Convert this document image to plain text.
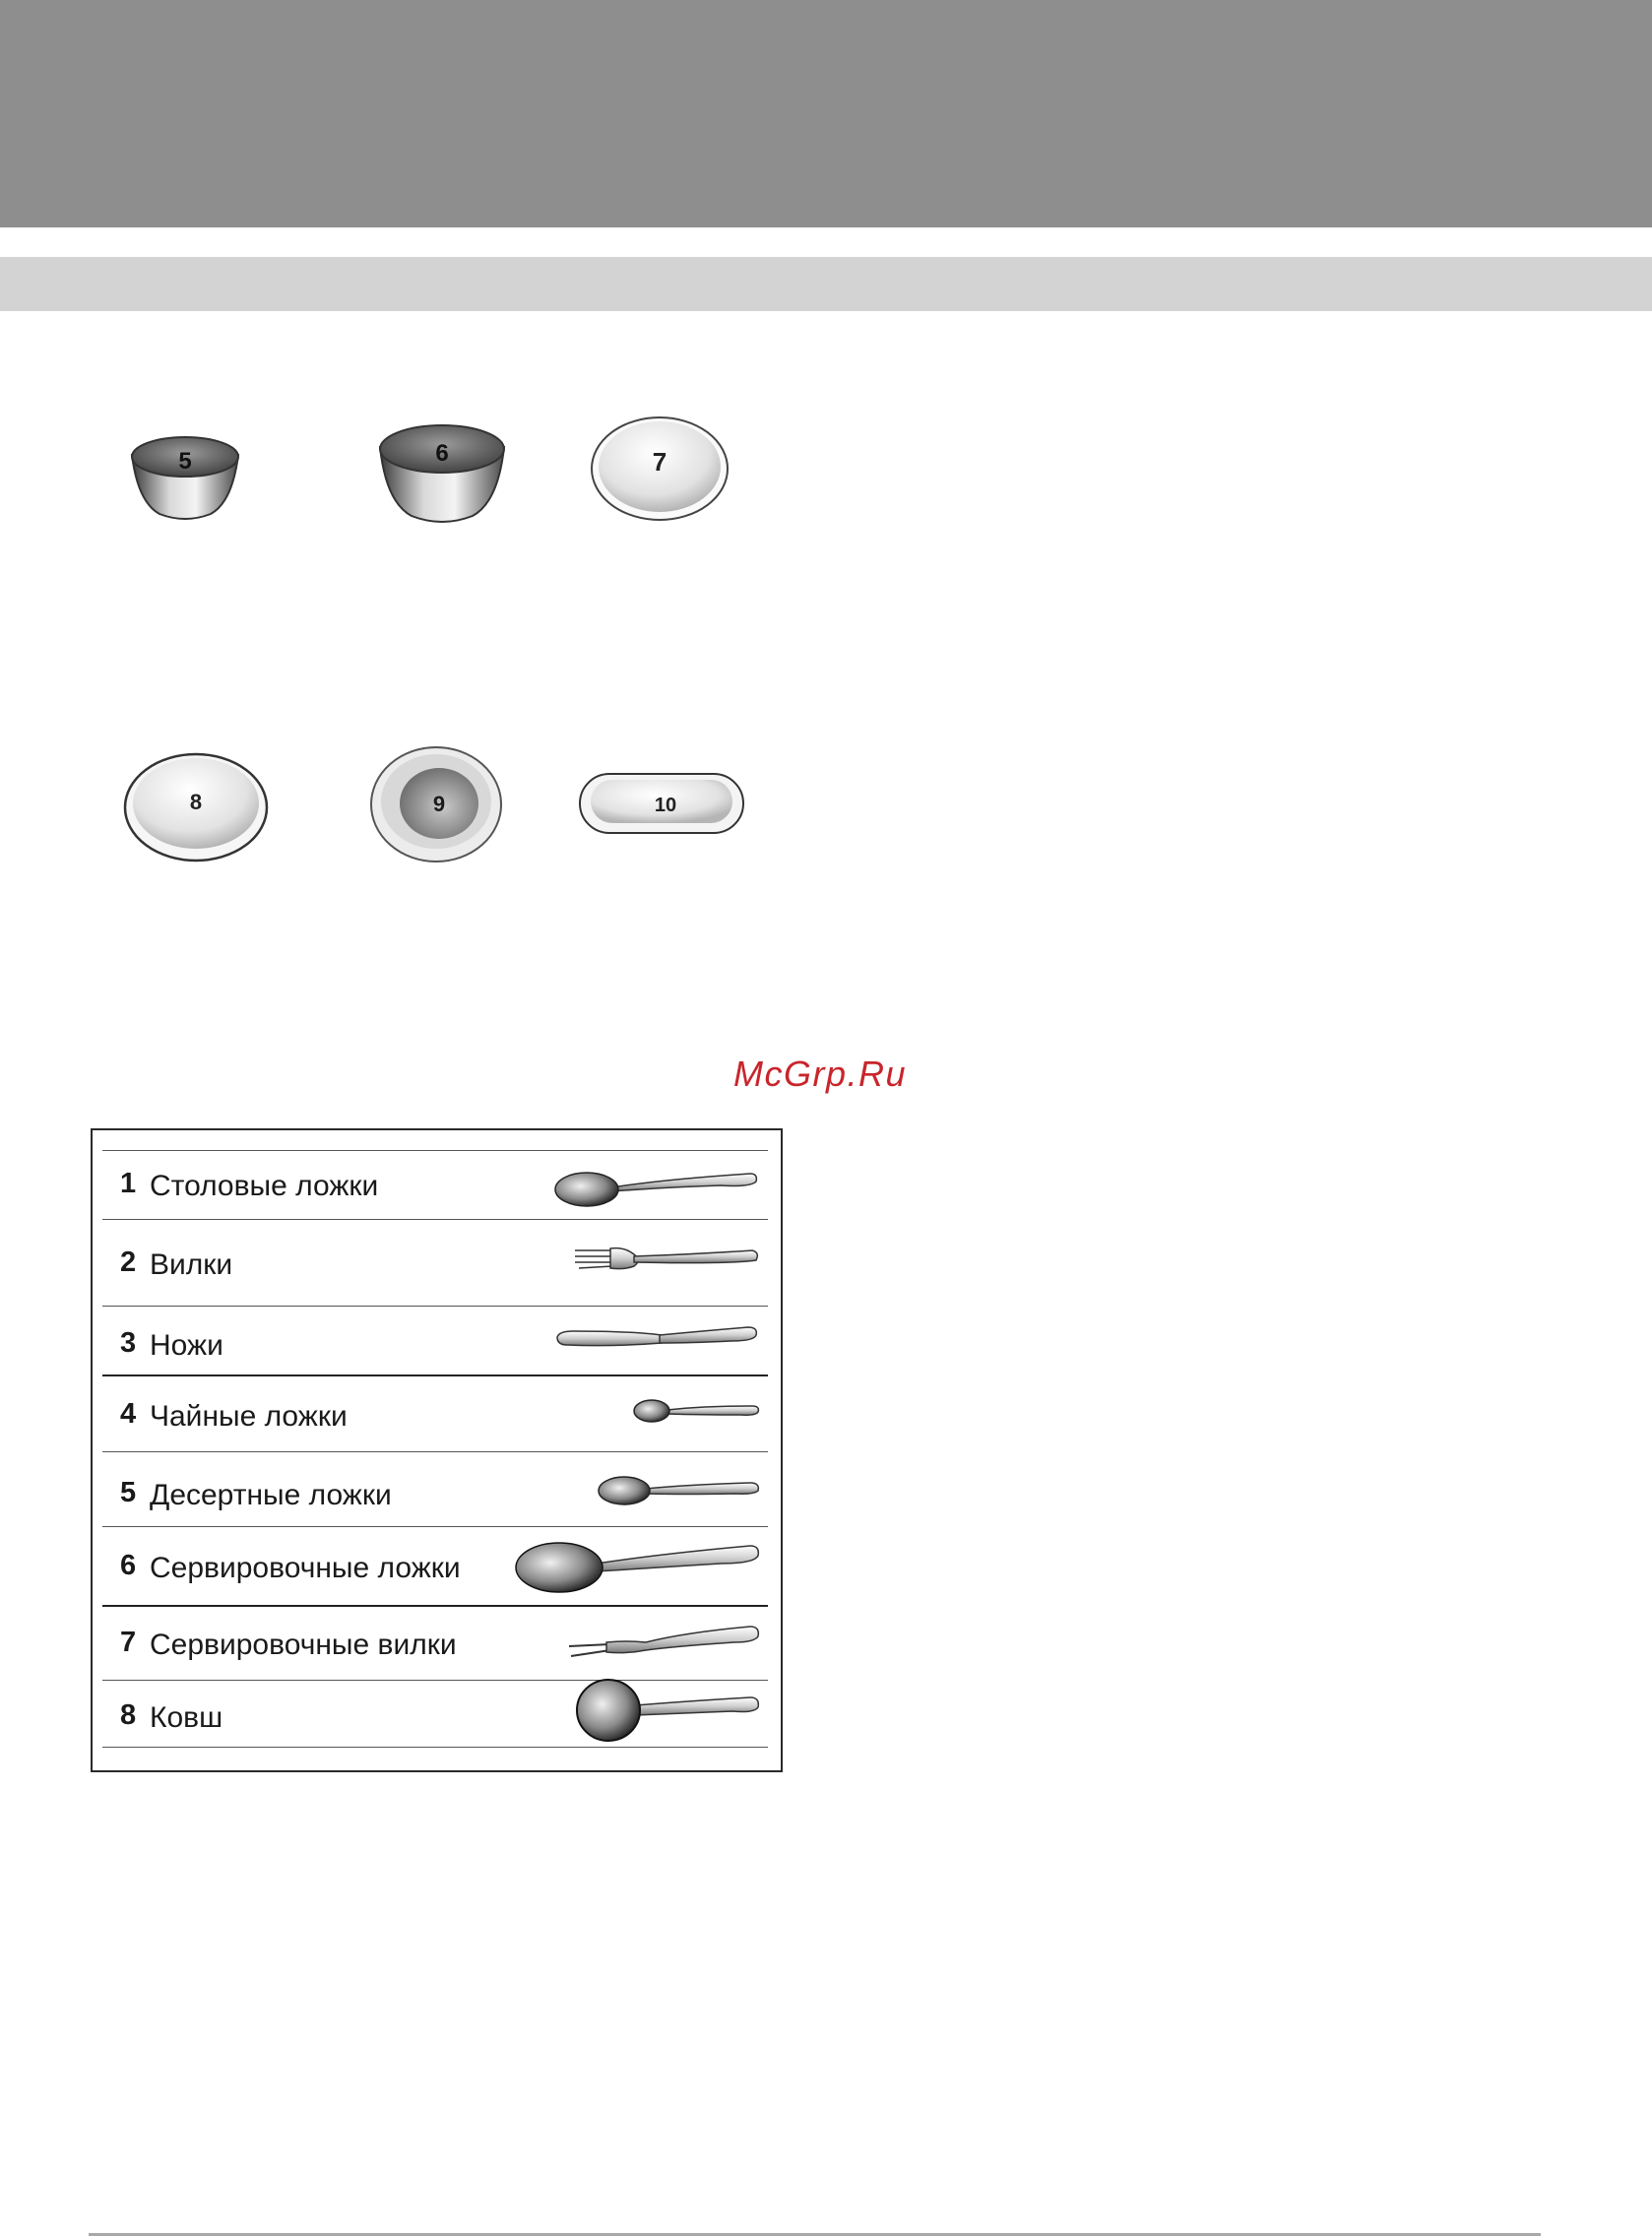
5	6	7
8	9	10
McGrp.Ru
1 Столовые ложки
2 Вилки
3 Ножи
4 Чайные ложки
5 Десертные ложки
6 Сервировочные ложки
7 Сервировочные вилки
8 Ковш
